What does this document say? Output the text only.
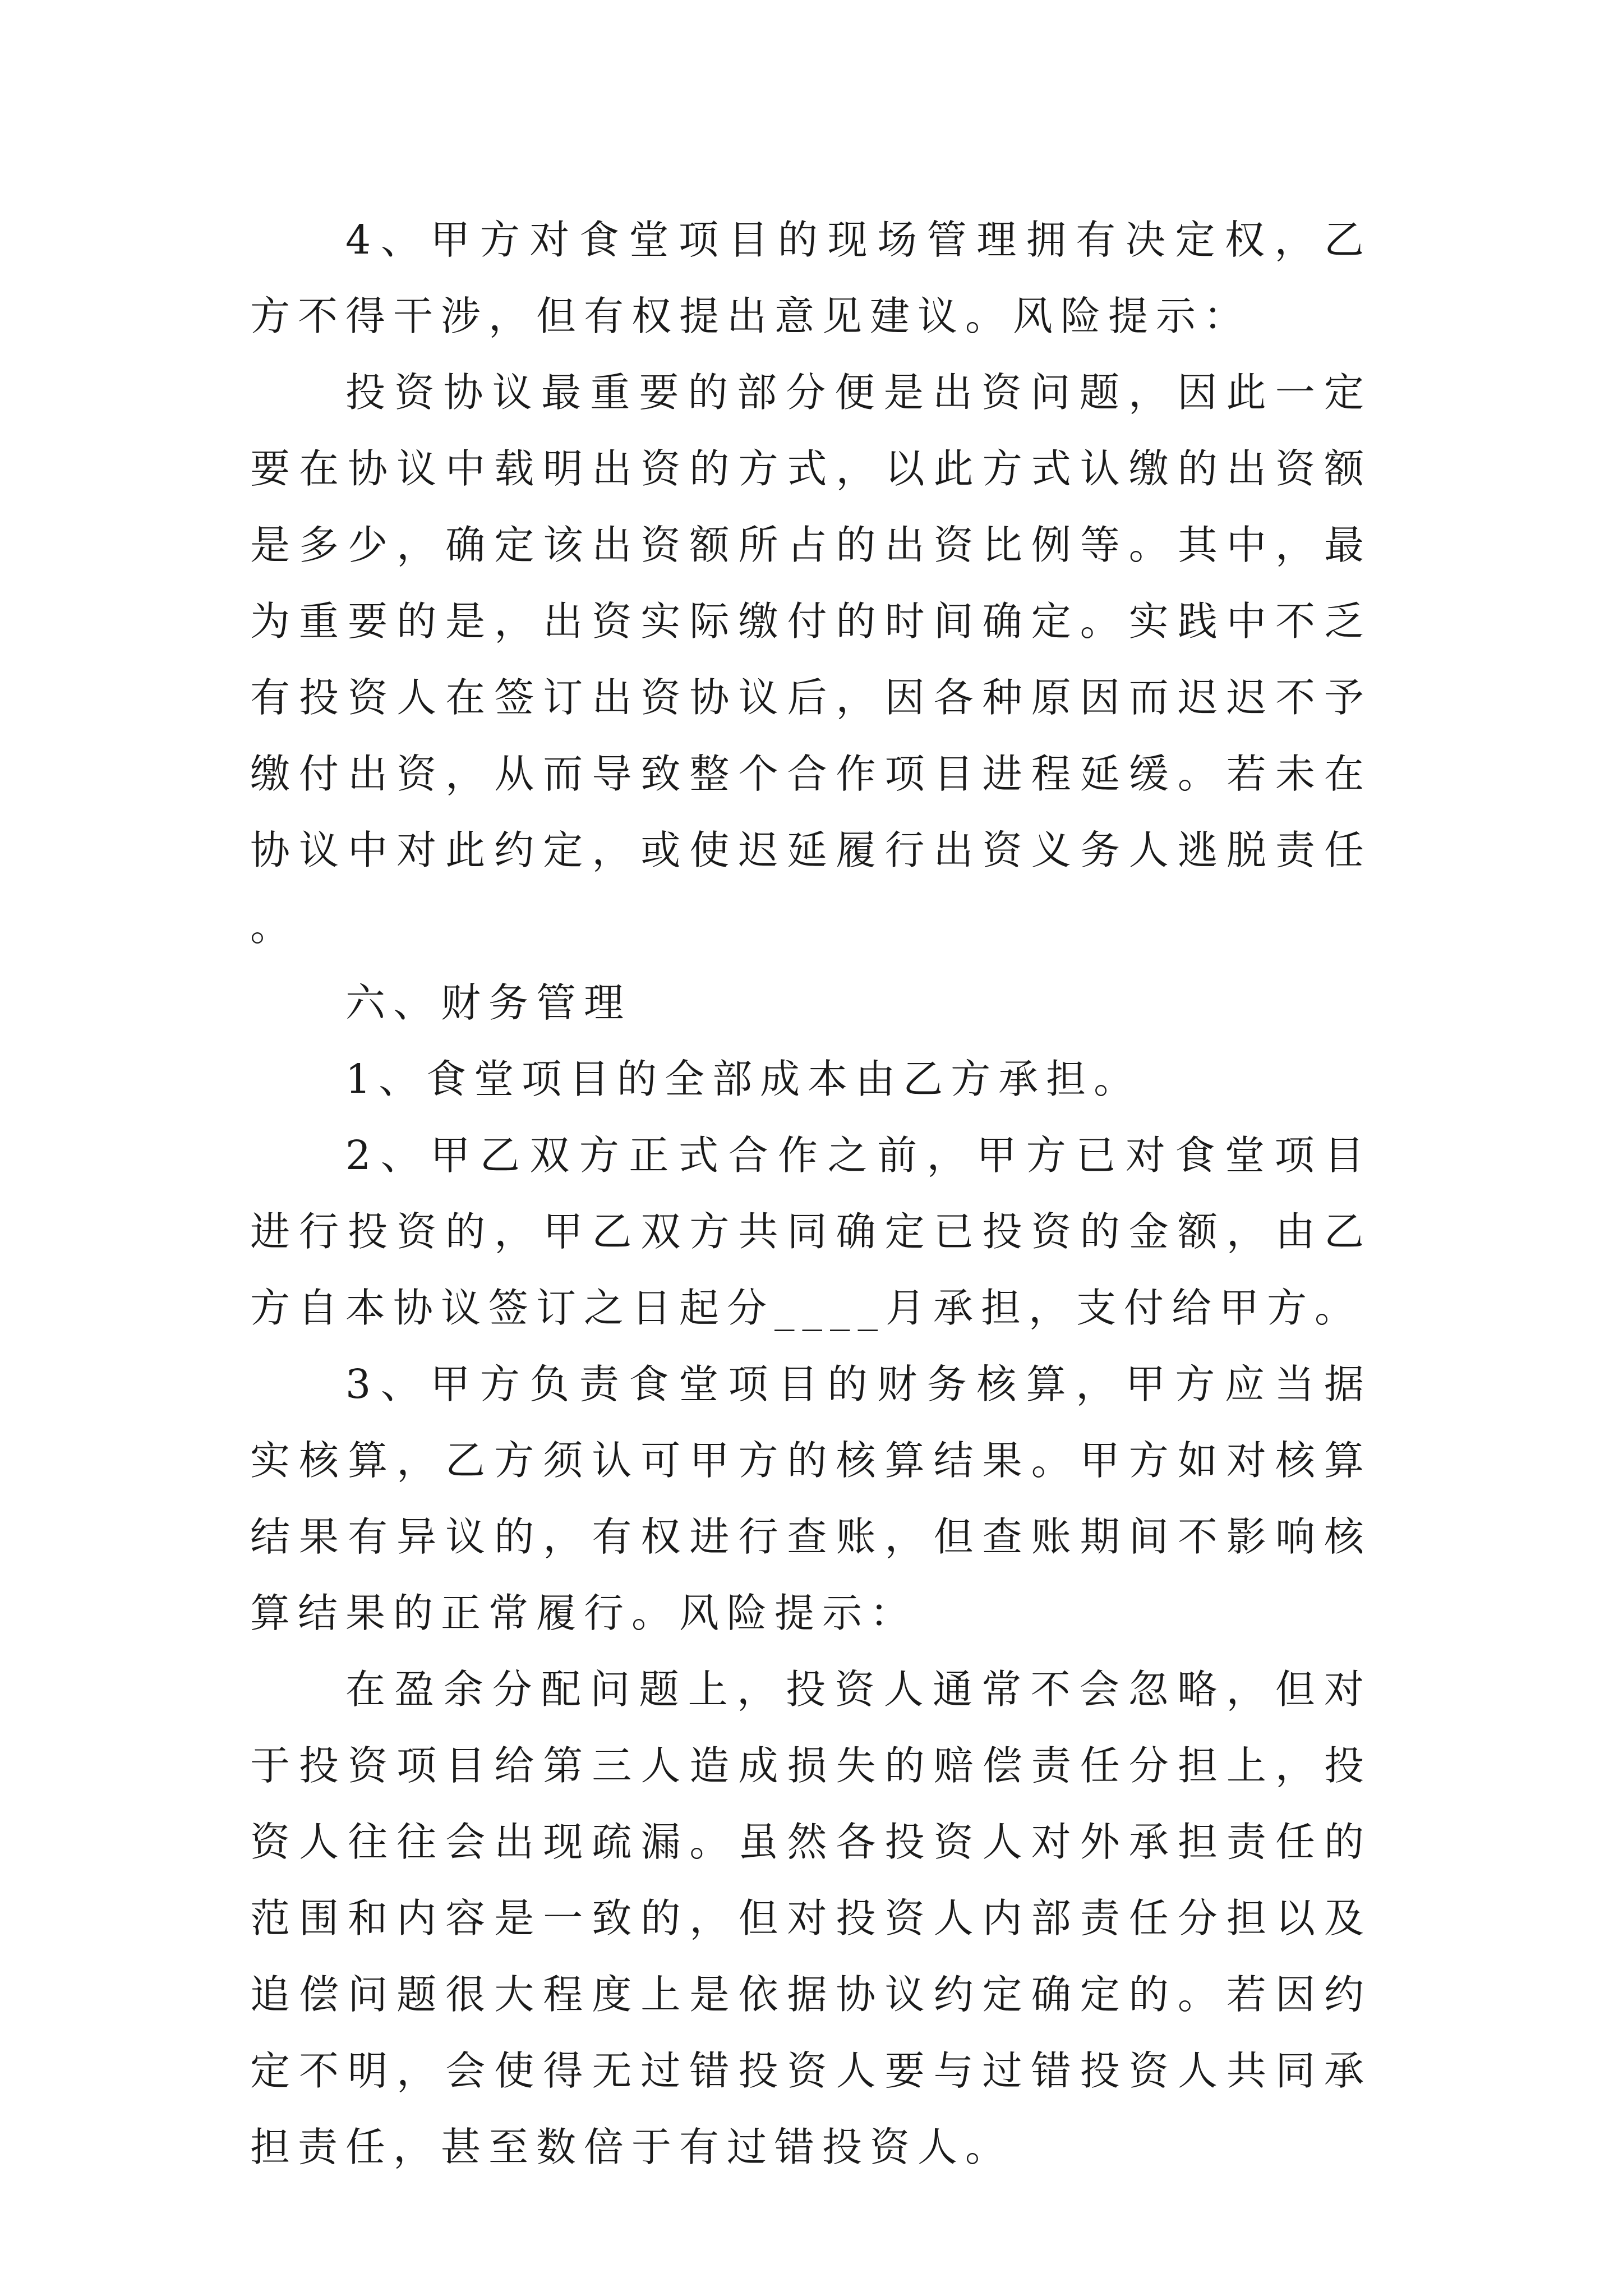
4、甲方对食堂项目的现场管理拥有决定权，乙方不得干涉，但有权提出意见建议。风险提示：

投资协议最重要的部分便是出资问题，因此一定要在协议中载明出资的方式，以此方式认缴的出资额是多少，确定该出资额所占的出资比例等。其中，最为重要的是，出资实际缴付的时间确定。实践中不乏有投资人在签订出资协议后，因各种原因而迟迟不予缴付出资，从而导致整个合作项目进程延缓。若未在协议中对此约定，或使迟延履行出资义务人逃脱责任。

六、财务管理

1、食堂项目的全部成本由乙方承担。

2、甲乙双方正式合作之前，甲方已对食堂项目进行投资的，甲乙双方共同确定已投资的金额，由乙方自本协议签订之日起分____月承担，支付给甲方。

3、甲方负责食堂项目的财务核算，甲方应当据实核算，乙方须认可甲方的核算结果。甲方如对核算结果有异议的，有权进行查账，但查账期间不影响核算结果的正常履行。风险提示：

在盈余分配问题上，投资人通常不会忽略，但对于投资项目给第三人造成损失的赔偿责任分担上，投资人往往会出现疏漏。虽然各投资人对外承担责任的范围和内容是一致的，但对投资人内部责任分担以及追偿问题很大程度上是依据协议约定确定的。若因约定不明，会使得无过错投资人要与过错投资人共同承担责任，甚至数倍于有过错投资人。
